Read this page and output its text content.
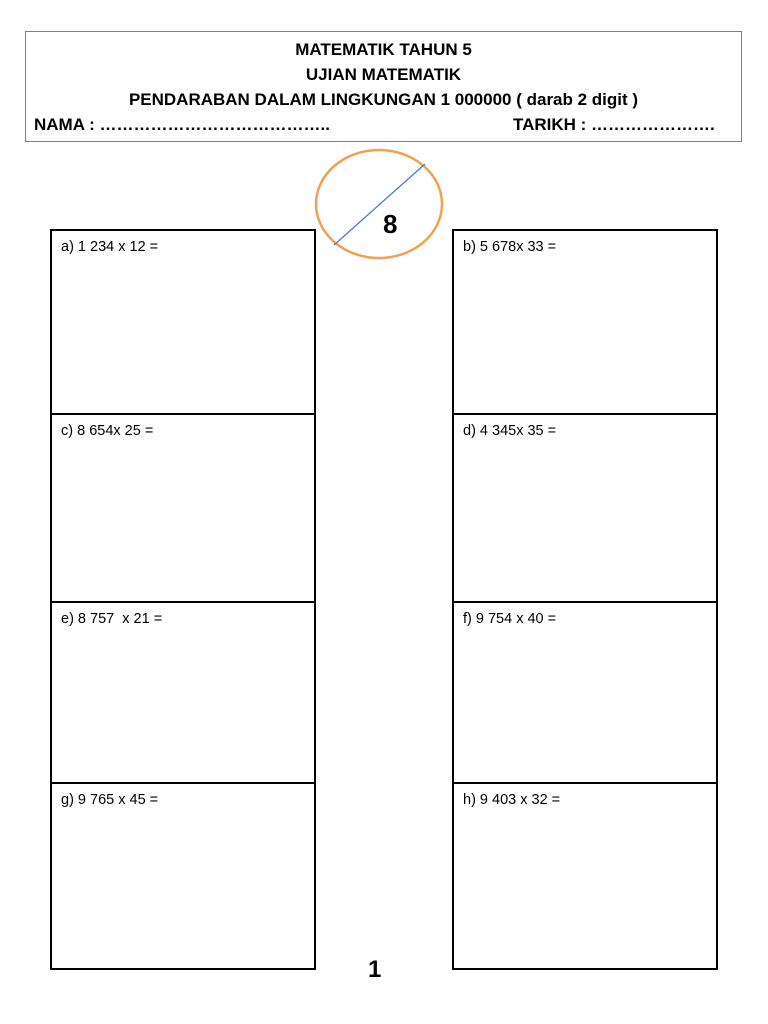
MATEMATIK TAHUN 5
UJIAN MATEMATIK
PENDARABAN DALAM LINGKUNGAN 1 000000 ( darab 2 digit )
NAMA : …………………………………..	TARIKH : ………………….
8
a) 1 234 x 12 =
c) 8 654x 25 =
e) 8 757  x 21 =
g) 9 765 x 45 =
b) 5 678x 33 =
d) 4 345x 35 =
f) 9 754 x 40 =
h) 9 403 x 32 =
1
